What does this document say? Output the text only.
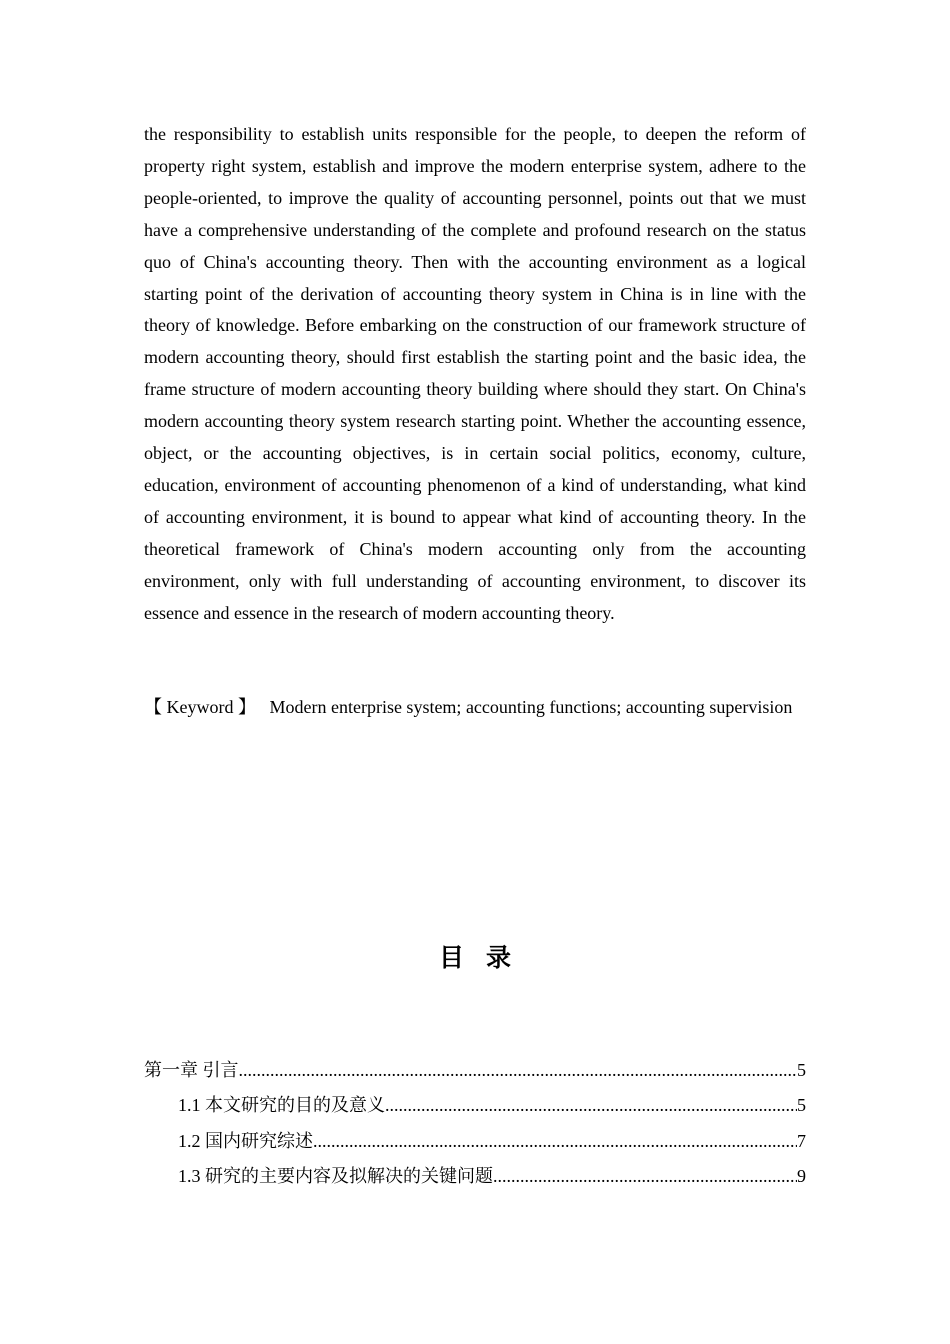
the responsibility to establish units responsible for the people, to deepen the reform of property right system, establish and improve the modern enterprise system, adhere to the people-oriented, to improve the quality of accounting personnel, points out that we must have a comprehensive understanding of the complete and profound research on the status quo of China's accounting theory. Then with the accounting environment as a logical starting point of the derivation of accounting theory system in China is in line with the theory of knowledge. Before embarking on the construction of our framework structure of modern accounting theory, should first establish the starting point and the basic idea, the frame structure of modern accounting theory building where should they start. On China's modern accounting theory system research starting point. Whether the accounting essence, object, or the accounting objectives, is in certain social politics, economy, culture, education, environment of accounting phenomenon of a kind of understanding, what kind of accounting environment, it is bound to appear what kind of accounting theory. In the theoretical framework of China's modern accounting only from the accounting environment, only with full understanding of accounting environment, to discover its essence and essence in the research of modern accounting theory.

【 Keyword 】 Modern enterprise system; accounting functions; accounting supervision

目录
第一章 引言 .....	5
1.1 本文研究的目的及意义 .....	5
1.2 国内研究综述 .....	7
1.3 研究的主要内容及拟解决的关键问题 .....	9
